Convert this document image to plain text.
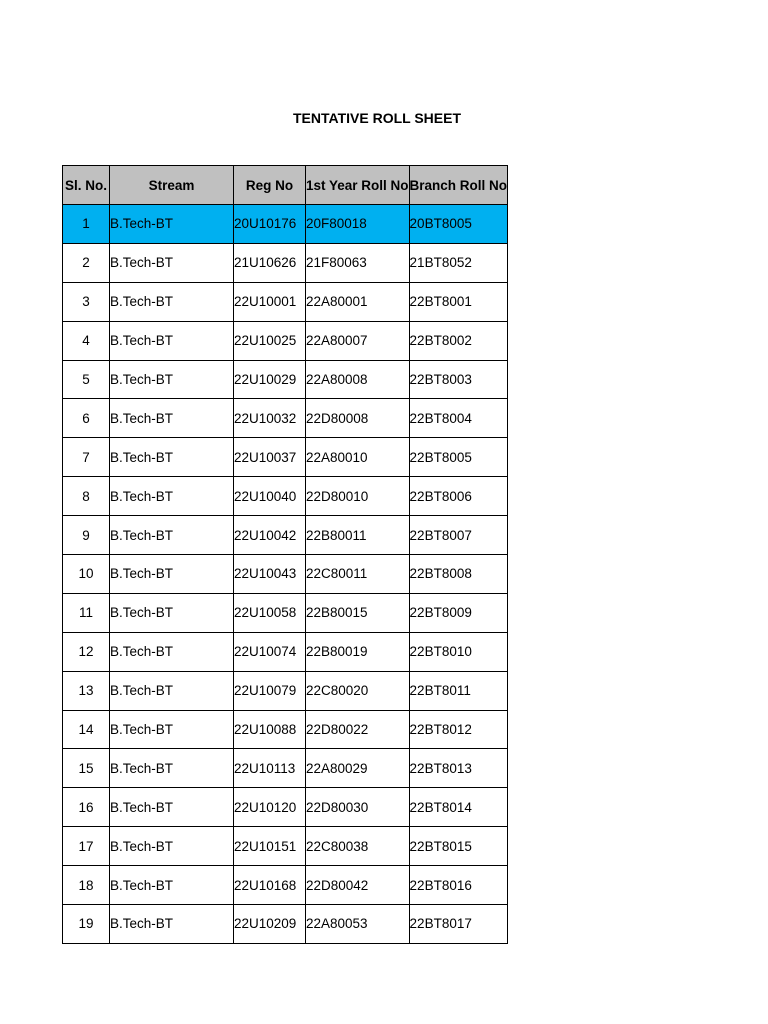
TENTATIVE ROLL SHEET
Sl. No.	Stream	Reg No	1st Year Roll No	Branch Roll No
1	B.Tech-BT	20U10176	20F80018	20BT8005
2	B.Tech-BT	21U10626	21F80063	21BT8052
3	B.Tech-BT	22U10001	22A80001	22BT8001
4	B.Tech-BT	22U10025	22A80007	22BT8002
5	B.Tech-BT	22U10029	22A80008	22BT8003
6	B.Tech-BT	22U10032	22D80008	22BT8004
7	B.Tech-BT	22U10037	22A80010	22BT8005
8	B.Tech-BT	22U10040	22D80010	22BT8006
9	B.Tech-BT	22U10042	22B80011	22BT8007
10	B.Tech-BT	22U10043	22C80011	22BT8008
11	B.Tech-BT	22U10058	22B80015	22BT8009
12	B.Tech-BT	22U10074	22B80019	22BT8010
13	B.Tech-BT	22U10079	22C80020	22BT8011
14	B.Tech-BT	22U10088	22D80022	22BT8012
15	B.Tech-BT	22U10113	22A80029	22BT8013
16	B.Tech-BT	22U10120	22D80030	22BT8014
17	B.Tech-BT	22U10151	22C80038	22BT8015
18	B.Tech-BT	22U10168	22D80042	22BT8016
19	B.Tech-BT	22U10209	22A80053	22BT8017
